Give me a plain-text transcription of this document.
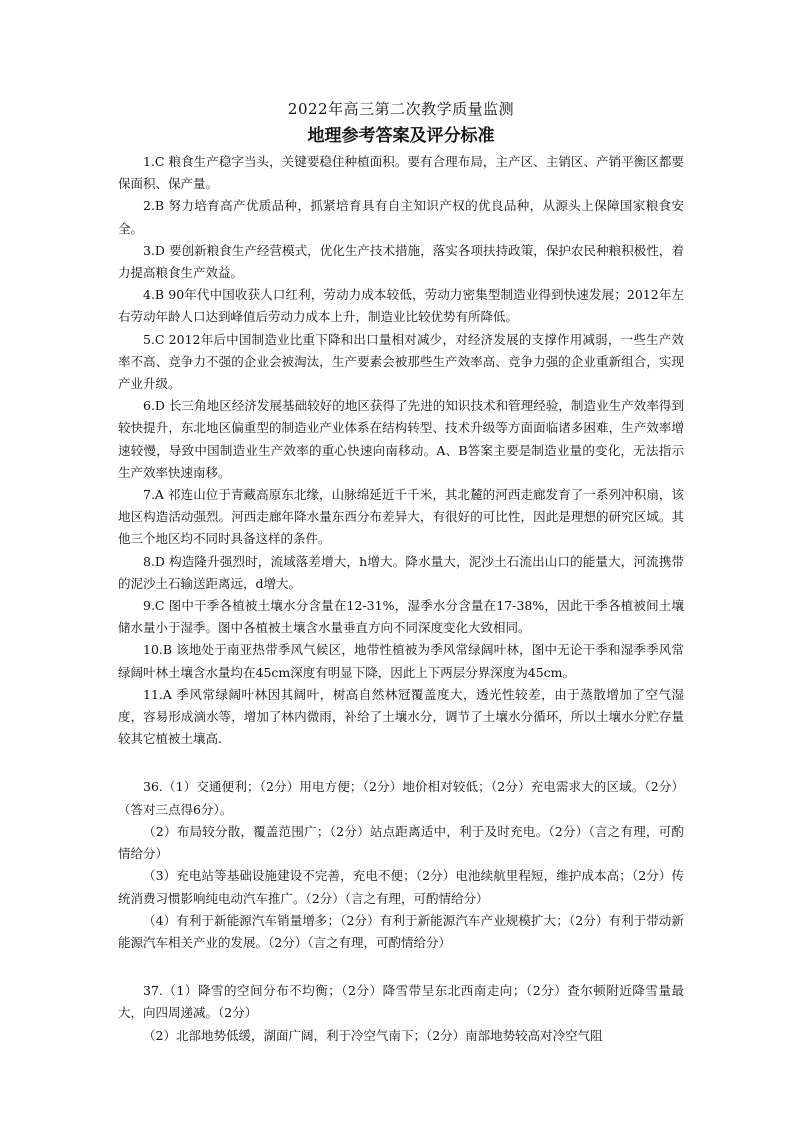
2022年高三第二次教学质量监测
地理参考答案及评分标准

1.C 粮食生产稳字当头，关键要稳住种植面积。要有合理布局，主产区、主销区、产销平衡区都要保面积、保产量。

2.B 努力培育高产优质品种，抓紧培育具有自主知识产权的优良品种，从源头上保障国家粮食安全。

3.D 要创新粮食生产经营模式，优化生产技术措施，落实各项扶持政策，保护农民种粮积极性，着力提高粮食生产效益。

4.B 90年代中国收获人口红利，劳动力成本较低，劳动力密集型制造业得到快速发展；2012年左右劳动年龄人口达到峰值后劳动力成本上升，制造业比较优势有所降低。

5.C 2012年后中国制造业比重下降和出口量相对减少，对经济发展的支撑作用减弱，一些生产效率不高、竞争力不强的企业会被淘汰，生产要素会被那些生产效率高、竞争力强的企业重新组合，实现产业升级。

6.D 长三角地区经济发展基础较好的地区获得了先进的知识技术和管理经验，制造业生产效率得到较快提升，东北地区偏重型的制造业产业体系在结构转型、技术升级等方面面临诸多困难，生产效率增速较慢，导致中国制造业生产效率的重心快速向南移动。A、B答案主要是制造业量的变化，无法指示生产效率快速南移。

7.A 祁连山位于青藏高原东北缘，山脉绵延近千千米，其北麓的河西走廊发育了一系列冲积扇，该地区构造活动强烈。河西走廊年降水量东西分布差异大，有很好的可比性，因此是理想的研究区域。其他三个地区均不同时具备这样的条件。

8.D 构造隆升强烈时，流域落差增大，h增大。降水量大，泥沙土石流出山口的能量大，河流携带的泥沙土石输送距离远，d增大。

9.C 图中干季各植被土壤水分含量在12-31%，湿季水分含量在17-38%，因此干季各植被间土壤储水量小于湿季。图中各植被土壤含水量垂直方向不同深度变化大致相同。

10.B 该地处于南亚热带季风气候区，地带性植被为季风常绿阔叶林，图中无论干季和湿季季风常绿阔叶林土壤含水量均在45cm深度有明显下降，因此上下两层分界深度为45cm。

11.A 季风常绿阔叶林因其阔叶，树高自然林冠覆盖度大，透光性较差，由于蒸散增加了空气湿度，容易形成滴水等，增加了林内微雨，补给了土壤水分，调节了土壤水分循环，所以土壤水分贮存量较其它植被土壤高.

36.（1）交通便利；（2分）用电方便；（2分）地价相对较低；（2分）充电需求大的区域。（2分）（答对三点得6分）。

（2）布局较分散，覆盖范围广；（2分）站点距离适中，利于及时充电。（2分）（言之有理，可酌情给分）

（3）充电站等基础设施建设不完善，充电不便；（2分）电池续航里程短，维护成本高；（2分）传统消费习惯影响纯电动汽车推广。（2分）（言之有理，可酌情给分）

（4）有利于新能源汽车销量增多；（2分）有利于新能源汽车产业规模扩大；（2分）有利于带动新能源汽车相关产业的发展。（2分）（言之有理，可酌情给分）

37.（1）降雪的空间分布不均衡；（2分）降雪带呈东北西南走向；（2分）查尔顿附近降雪量最大，向四周递减。（2分）

（2）北部地势低缓，湖面广阔，利于冷空气南下；（2分）南部地势较高对冷空气阻
